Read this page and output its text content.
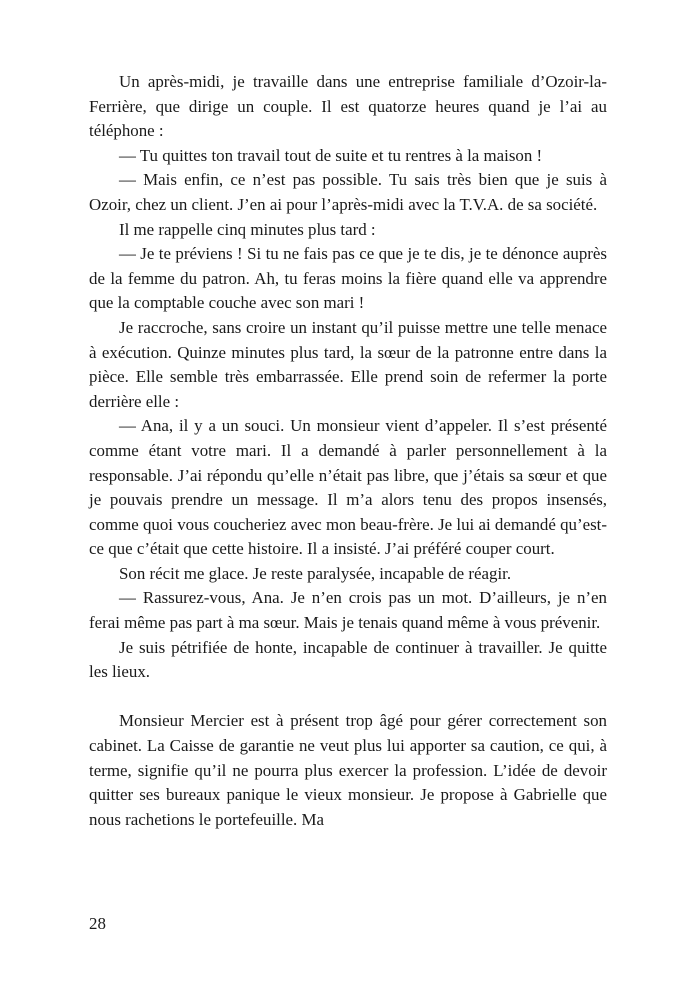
Un après-midi, je travaille dans une entreprise familiale d’Ozoir-la-Ferrière, que dirige un couple. Il est quatorze heures quand je l’ai au téléphone :

— Tu quittes ton travail tout de suite et tu rentres à la maison !

— Mais enfin, ce n’est pas possible. Tu sais très bien que je suis à Ozoir, chez un client. J’en ai pour l’après-midi avec la T.V.A. de sa société.

Il me rappelle cinq minutes plus tard :

— Je te préviens ! Si tu ne fais pas ce que je te dis, je te dénonce auprès de la femme du patron. Ah, tu feras moins la fière quand elle va apprendre que la comptable couche avec son mari !

Je raccroche, sans croire un instant qu’il puisse mettre une telle menace à exécution. Quinze minutes plus tard, la sœur de la patronne entre dans la pièce. Elle semble très embarrassée. Elle prend soin de refermer la porte derrière elle :

— Ana, il y a un souci. Un monsieur vient d’appeler. Il s’est présenté comme étant votre mari. Il a demandé à parler personnellement à la responsable. J’ai répondu qu’elle n’était pas libre, que j’étais sa sœur et que je pouvais prendre un message. Il m’a alors tenu des propos insensés, comme quoi vous coucheriez avec mon beau-frère. Je lui ai demandé qu’est-ce que c’était que cette histoire. Il a insisté. J’ai préféré couper court.

Son récit me glace. Je reste paralysée, incapable de réagir.

— Rassurez-vous, Ana. Je n’en crois pas un mot. D’ailleurs, je n’en ferai même pas part à ma sœur. Mais je tenais quand même à vous prévenir.

Je suis pétrifiée de honte, incapable de continuer à travailler. Je quitte les lieux.

Monsieur Mercier est à présent trop âgé pour gérer correctement son cabinet. La Caisse de garantie ne veut plus lui apporter sa caution, ce qui, à terme, signifie qu’il ne pourra plus exercer la profession. L’idée de devoir quitter ses bureaux panique le vieux monsieur. Je propose à Gabrielle que nous rachetions le portefeuille. Ma

28
